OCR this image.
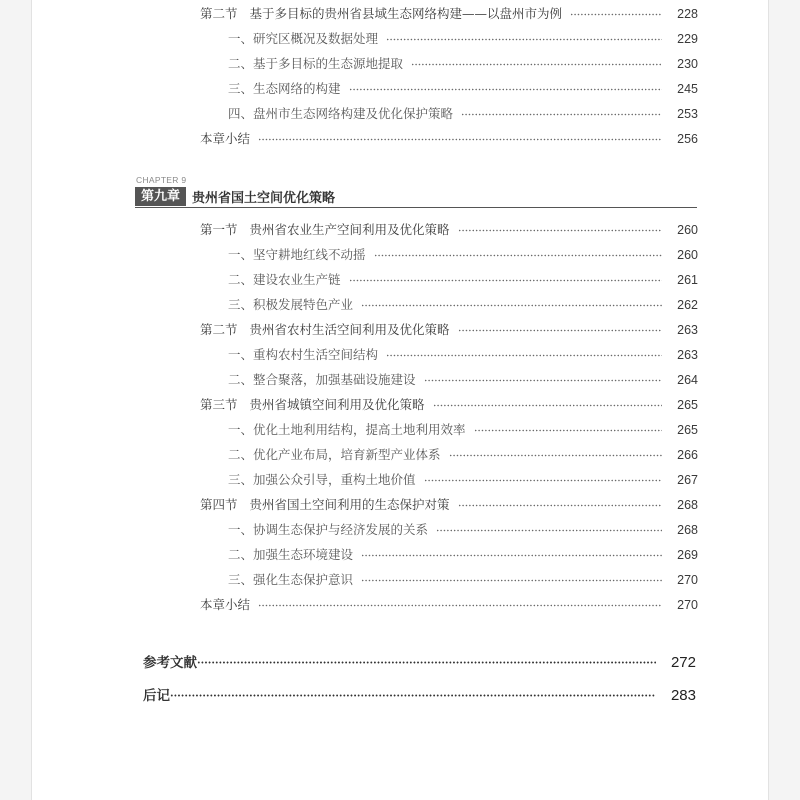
第二节 基于多目标的贵州省县域生态网络构建——以盘州市为例	228
一、研究区概况及数据处理	229
二、基于多目标的生态源地提取	230
三、生态网络的构建	245
四、盘州市生态网络构建及优化保护策略	253
本章小结	256
CHAPTER 9
第九章 贵州省国土空间优化策略
第一节 贵州省农业生产空间利用及优化策略	260
一、坚守耕地红线不动摇	260
二、建设农业生产链	261
三、积极发展特色产业	262
第二节 贵州省农村生活空间利用及优化策略	263
一、重构农村生活空间结构	263
二、整合聚落，加强基础设施建设	264
第三节 贵州省城镇空间利用及优化策略	265
一、优化土地利用结构，提高土地利用效率	265
二、优化产业布局，培育新型产业体系	266
三、加强公众引导，重构土地价值	267
第四节 贵州省国土空间利用的生态保护对策	268
一、协调生态保护与经济发展的关系	268
二、加强生态环境建设	269
三、强化生态保护意识	270
本章小结	270
参考文献	272
后记	283
